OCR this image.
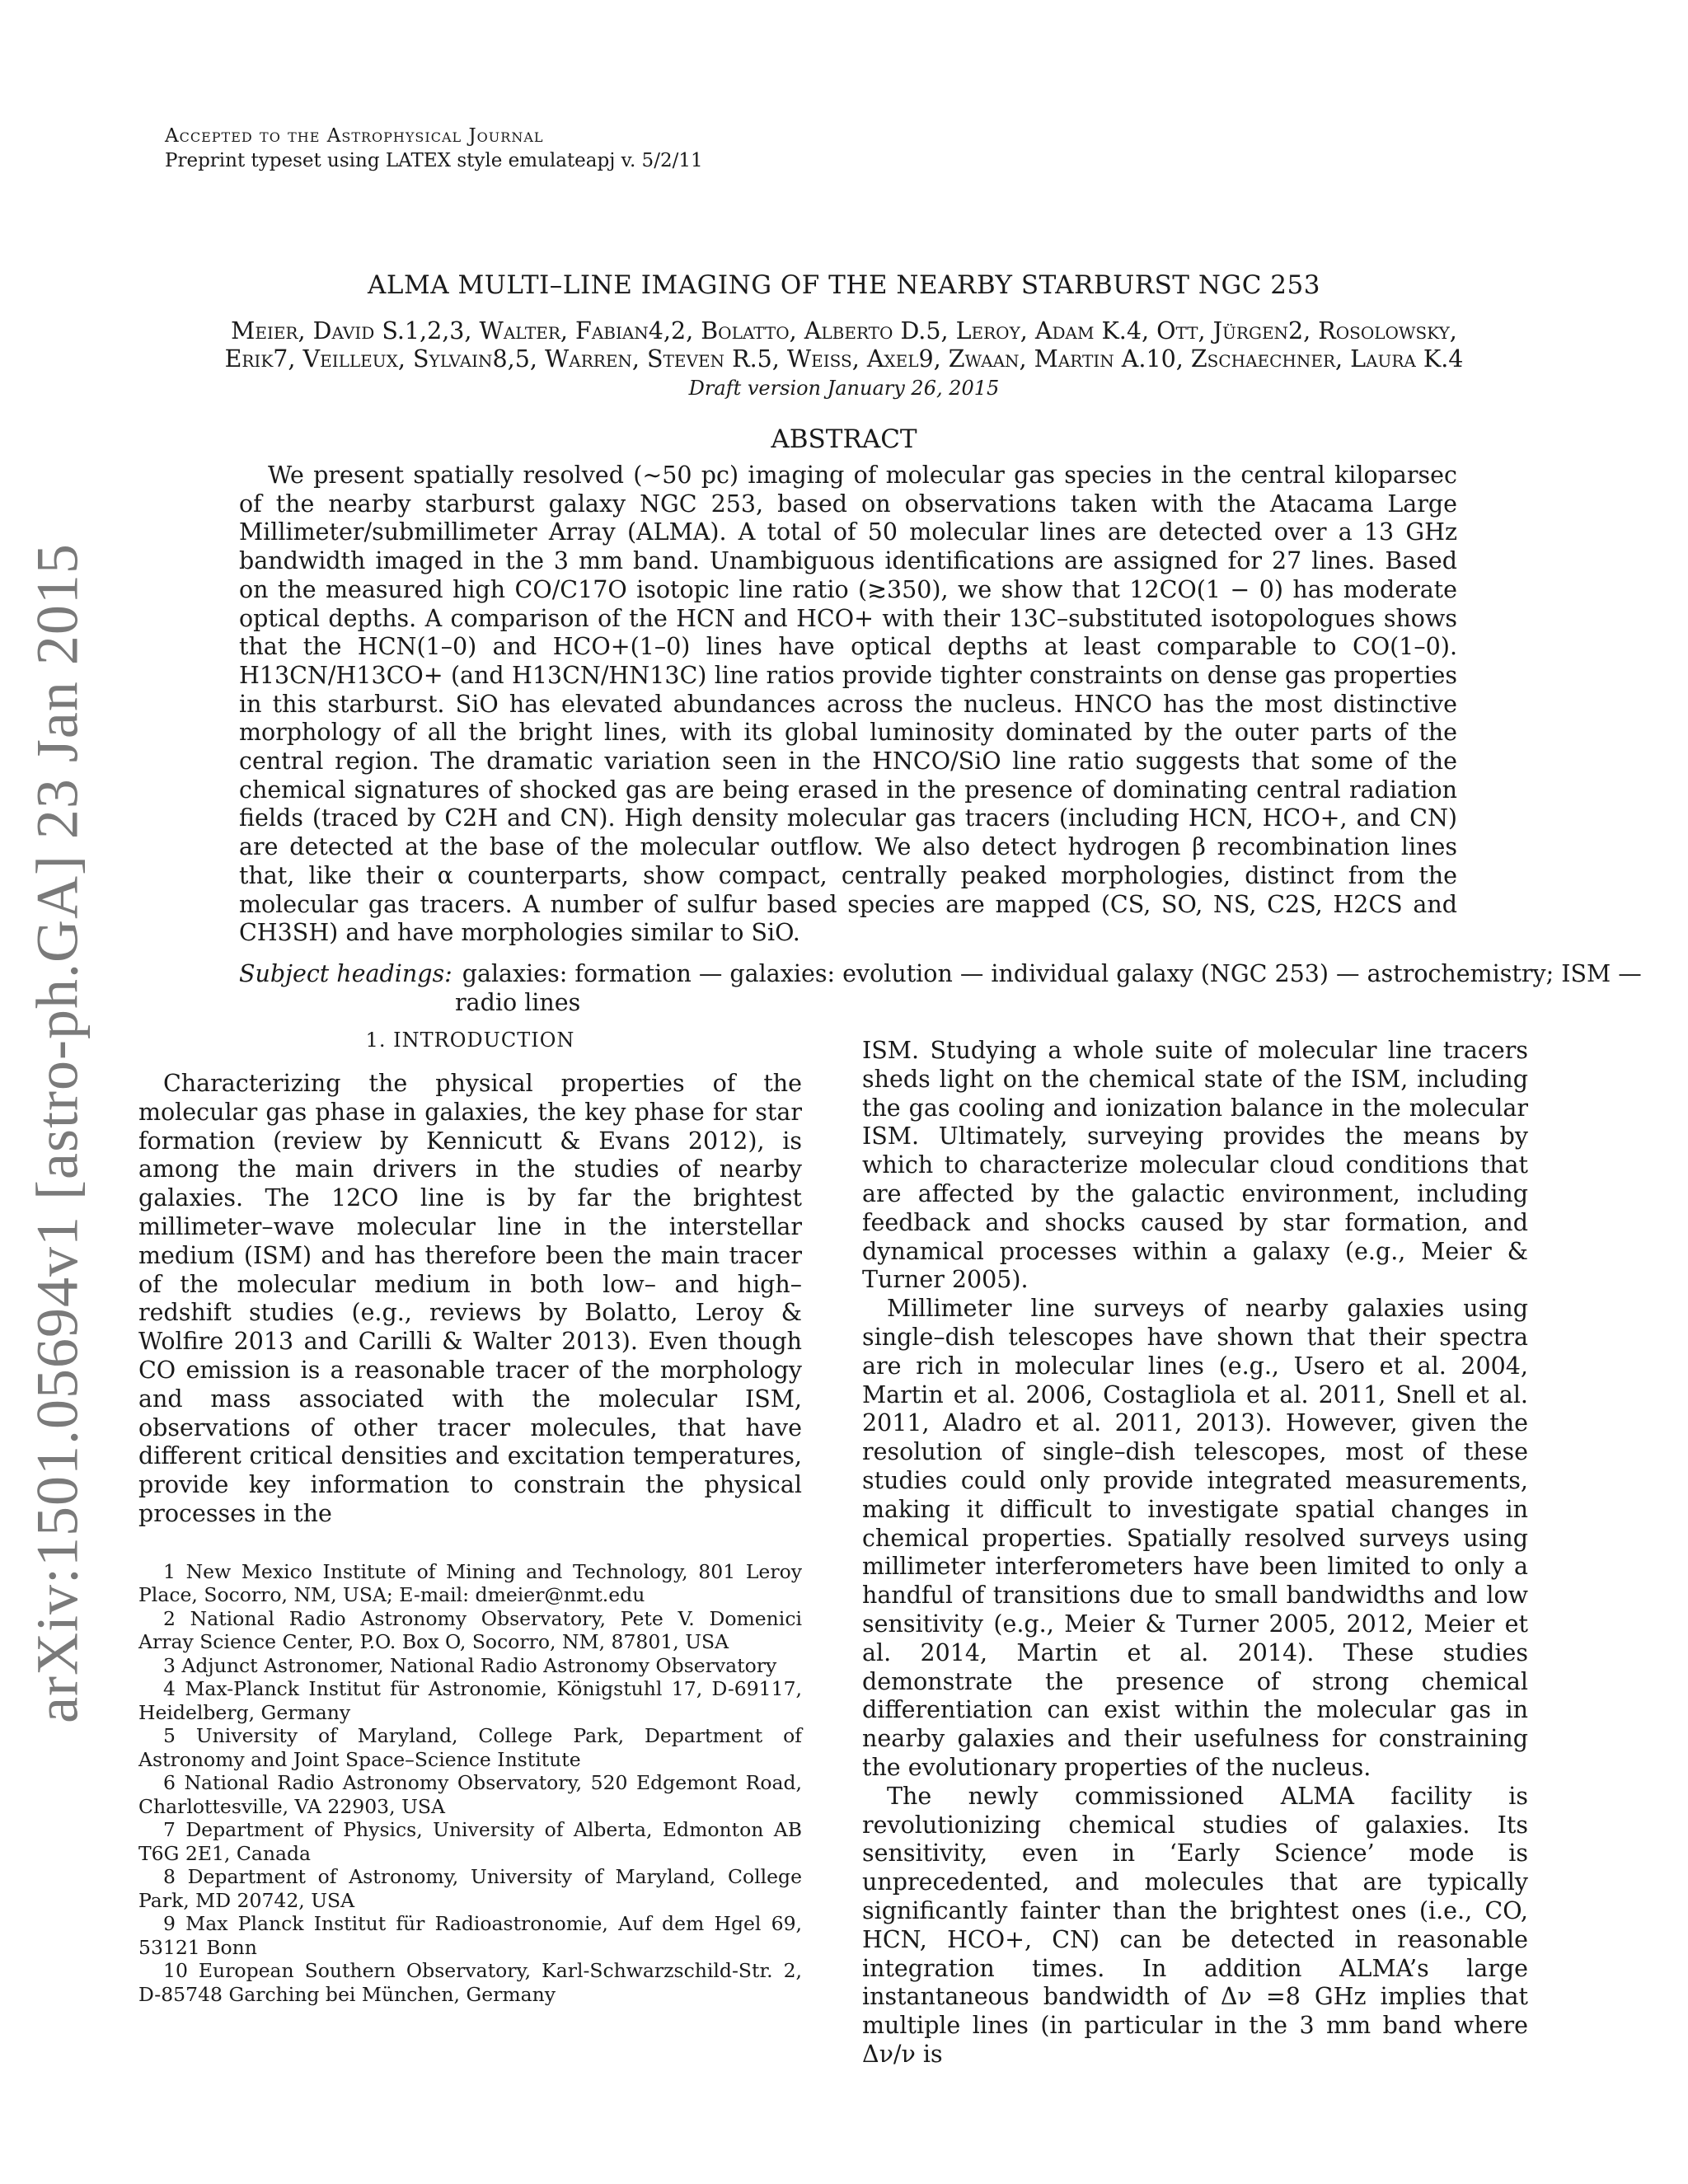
arXiv:1501.05694v1 [astro-ph.GA] 23 Jan 2015
Accepted to the Astrophysical Journal
Preprint typeset using LATEX style emulateapj v. 5/2/11
ALMA MULTI–LINE IMAGING OF THE NEARBY STARBURST NGC 253
Meier, David S.1,2,3, Walter, Fabian4,2, Bolatto, Alberto D.5, Leroy, Adam K.4, Ott, Jürgen2, Rosolowsky,
Erik7, Veilleux, Sylvain8,5, Warren, Steven R.5, Weiss, Axel9, Zwaan, Martin A.10, Zschaechner, Laura K.4
Draft version January 26, 2015
ABSTRACT
We present spatially resolved (∼50 pc) imaging of molecular gas species in the central kiloparsec of the nearby starburst galaxy NGC 253, based on observations taken with the Atacama Large Millimeter/submillimeter Array (ALMA). A total of 50 molecular lines are detected over a 13 GHz bandwidth imaged in the 3 mm band. Unambiguous identifications are assigned for 27 lines. Based on the measured high CO/C17O isotopic line ratio (≳350), we show that 12CO(1 − 0) has moderate optical depths. A comparison of the HCN and HCO+ with their 13C–substituted isotopologues shows that the HCN(1–0) and HCO+(1–0) lines have optical depths at least comparable to CO(1–0). H13CN/H13CO+ (and H13CN/HN13C) line ratios provide tighter constraints on dense gas properties in this starburst. SiO has elevated abundances across the nucleus. HNCO has the most distinctive morphology of all the bright lines, with its global luminosity dominated by the outer parts of the central region. The dramatic variation seen in the HNCO/SiO line ratio suggests that some of the chemical signatures of shocked gas are being erased in the presence of dominating central radiation fields (traced by C2H and CN). High density molecular gas tracers (including HCN, HCO+, and CN) are detected at the base of the molecular outflow. We also detect hydrogen β recombination lines that, like their α counterparts, show compact, centrally peaked morphologies, distinct from the molecular gas tracers. A number of sulfur based species are mapped (CS, SO, NS, C2S, H2CS and CH3SH) and have morphologies similar to SiO.
Subject headings: galaxies: formation — galaxies: evolution — individual galaxy (NGC 253) — astrochemistry; ISM — radio lines
1. INTRODUCTION

Characterizing the physical properties of the molecular gas phase in galaxies, the key phase for star formation (review by Kennicutt & Evans 2012), is among the main drivers in the studies of nearby galaxies. The 12CO line is by far the brightest millimeter–wave molecular line in the interstellar medium (ISM) and has therefore been the main tracer of the molecular medium in both low– and high–redshift studies (e.g., reviews by Bolatto, Leroy & Wolfire 2013 and Carilli & Walter 2013). Even though CO emission is a reasonable tracer of the morphology and mass associated with the molecular ISM, observations of other tracer molecules, that have different critical densities and excitation temperatures, provide key information to constrain the physical processes in the

1 New Mexico Institute of Mining and Technology, 801 Leroy Place, Socorro, NM, USA; E-mail: dmeier@nmt.edu

2 National Radio Astronomy Observatory, Pete V. Domenici Array Science Center, P.O. Box O, Socorro, NM, 87801, USA

3 Adjunct Astronomer, National Radio Astronomy Observatory

4 Max-Planck Institut für Astronomie, Königstuhl 17, D-69117, Heidelberg, Germany

5 University of Maryland, College Park, Department of Astronomy and Joint Space–Science Institute

6 National Radio Astronomy Observatory, 520 Edgemont Road, Charlottesville, VA 22903, USA

7 Department of Physics, University of Alberta, Edmonton AB T6G 2E1, Canada

8 Department of Astronomy, University of Maryland, College Park, MD 20742, USA

9 Max Planck Institut für Radioastronomie, Auf dem Hgel 69, 53121 Bonn

10 European Southern Observatory, Karl-Schwarzschild-Str. 2, D-85748 Garching bei München, Germany

ISM. Studying a whole suite of molecular line tracers sheds light on the chemical state of the ISM, including the gas cooling and ionization balance in the molecular ISM. Ultimately, surveying provides the means by which to characterize molecular cloud conditions that are affected by the galactic environment, including feedback and shocks caused by star formation, and dynamical processes within a galaxy (e.g., Meier & Turner 2005).

Millimeter line surveys of nearby galaxies using single–dish telescopes have shown that their spectra are rich in molecular lines (e.g., Usero et al. 2004, Martin et al. 2006, Costagliola et al. 2011, Snell et al. 2011, Aladro et al. 2011, 2013). However, given the resolution of single–dish telescopes, most of these studies could only provide integrated measurements, making it difficult to investigate spatial changes in chemical properties. Spatially resolved surveys using millimeter interferometers have been limited to only a handful of transitions due to small bandwidths and low sensitivity (e.g., Meier & Turner 2005, 2012, Meier et al. 2014, Martin et al. 2014). These studies demonstrate the presence of strong chemical differentiation can exist within the molecular gas in nearby galaxies and their usefulness for constraining the evolutionary properties of the nucleus.

The newly commissioned ALMA facility is revolutionizing chemical studies of galaxies. Its sensitivity, even in ‘Early Science’ mode is unprecedented, and molecules that are typically significantly fainter than the brightest ones (i.e., CO, HCN, HCO+, CN) can be detected in reasonable integration times. In addition ALMA’s large instantaneous bandwidth of Δν =8 GHz implies that multiple lines (in particular in the 3 mm band where Δν/ν is
